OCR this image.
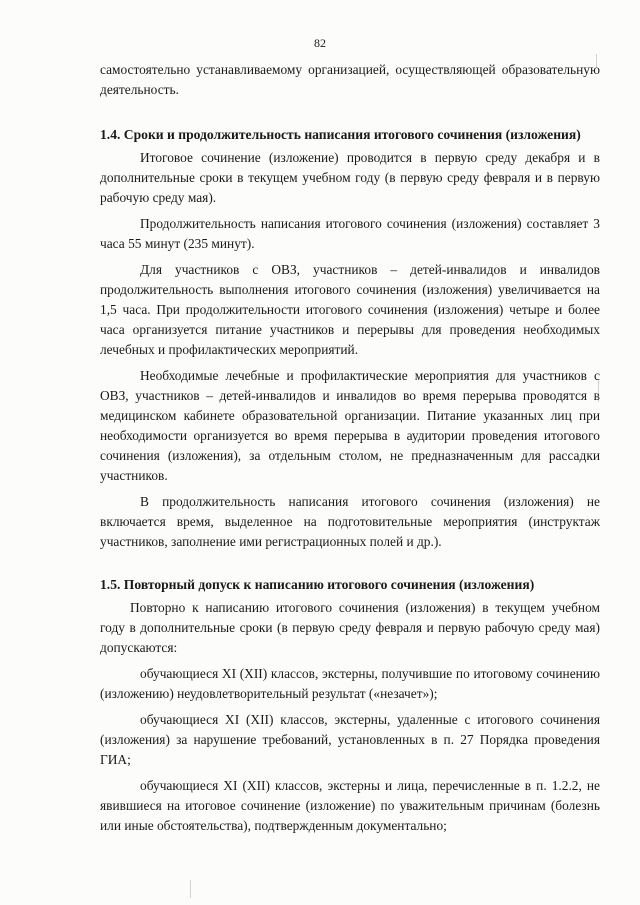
82

самостоятельно устанавливаемому организацией, осуществляющей образовательную деятельность.

1.4. Сроки и продолжительность написания итогового сочинения (изложения)

Итоговое сочинение (изложение) проводится в первую среду декабря и в дополнительные сроки в текущем учебном году (в первую среду февраля и в первую рабочую среду мая).

Продолжительность написания итогового сочинения (изложения) составляет 3 часа 55 минут (235 минут).

Для участников с ОВЗ, участников – детей-инвалидов и инвалидов продолжительность выполнения итогового сочинения (изложения) увеличивается на 1,5 часа. При продолжительности итогового сочинения (изложения) четыре и более часа организуется питание участников и перерывы для проведения необходимых лечебных и профилактических мероприятий.

Необходимые лечебные и профилактические мероприятия для участников с ОВЗ, участников – детей-инвалидов и инвалидов во время перерыва проводятся в медицинском кабинете образовательной организации. Питание указанных лиц при необходимости организуется во время перерыва в аудитории проведения итогового сочинения (изложения), за отдельным столом, не предназначенным для рассадки участников.

В продолжительность написания итогового сочинения (изложения) не включается время, выделенное на подготовительные мероприятия (инструктаж участников, заполнение ими регистрационных полей и др.).

1.5. Повторный допуск к написанию итогового сочинения (изложения)

Повторно к написанию итогового сочинения (изложения) в текущем учебном году в дополнительные сроки (в первую среду февраля и первую рабочую среду мая) допускаются:

обучающиеся XI (XII) классов, экстерны, получившие по итоговому сочинению (изложению) неудовлетворительный результат («незачет»);

обучающиеся XI (XII) классов, экстерны, удаленные с итогового сочинения (изложения) за нарушение требований, установленных в п. 27 Порядка проведения ГИА;

обучающиеся XI (XII) классов, экстерны и лица, перечисленные в п. 1.2.2, не явившиеся на итоговое сочинение (изложение) по уважительным причинам (болезнь или иные обстоятельства), подтвержденным документально;
